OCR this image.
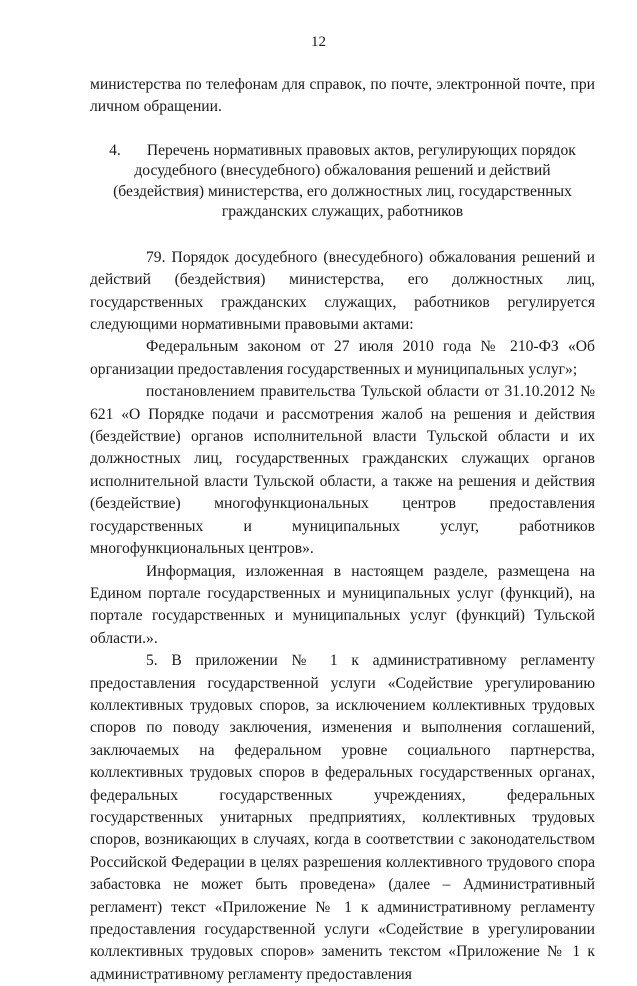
12

министерства по телефонам для справок, по почте, электронной почте, при личном обращении.

4. Перечень нормативных правовых актов, регулирующих порядок досудебного (внесудебного) обжалования решений и действий (бездействия) министерства, его должностных лиц, государственных гражданских служащих, работников

79. Порядок досудебного (внесудебного) обжалования решений и действий (бездействия) министерства, его должностных лиц, государственных гражданских служащих, работников регулируется следующими нормативными правовыми актами:

Федеральным законом от 27 июля 2010 года № 210-ФЗ «Об организации предоставления государственных и муниципальных услуг»;

постановлением правительства Тульской области от 31.10.2012 № 621 «О Порядке подачи и рассмотрения жалоб на решения и действия (бездействие) органов исполнительной власти Тульской области и их должностных лиц, государственных гражданских служащих органов исполнительной власти Тульской области, а также на решения и действия (бездействие) многофункциональных центров предоставления государственных и муниципальных услуг, работников многофункциональных центров».

Информация, изложенная в настоящем разделе, размещена на Едином портале государственных и муниципальных услуг (функций), на портале государственных и муниципальных услуг (функций) Тульской области.».

5. В приложении № 1 к административному регламенту предоставления государственной услуги «Содействие урегулированию коллективных трудовых споров, за исключением коллективных трудовых споров по поводу заключения, изменения и выполнения соглашений, заключаемых на федеральном уровне социального партнерства, коллективных трудовых споров в федеральных государственных органах, федеральных государственных учреждениях, федеральных государственных унитарных предприятиях, коллективных трудовых споров, возникающих в случаях, когда в соответствии с законодательством Российской Федерации в целях разрешения коллективного трудового спора забастовка не может быть проведена» (далее – Административный регламент) текст «Приложение № 1 к административному регламенту предоставления государственной услуги «Содействие в урегулировании коллективных трудовых споров» заменить текстом «Приложение № 1 к административному регламенту предоставления
